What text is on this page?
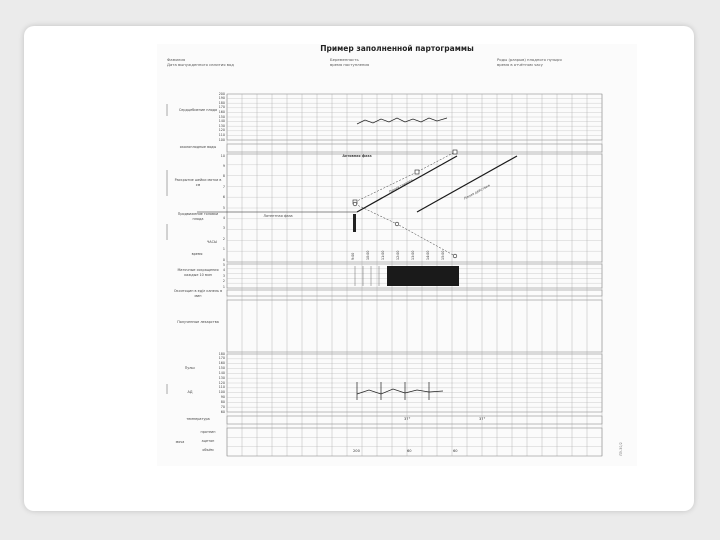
Пример заполненной партограммы
Фамилия
Дата вынужденного излития вод
Беременность
время поступления
Роды (разрыв) плодного пузыря
время в отчётном часу
Сердцебиение плода
околоплодные воды
Раскрытие шейки матки в см
Продвижение головки плода
время
ЧАСЫ
Активная фаза
Латентная фаза
Линия тревоги	Линия действия
Маточные сокращения каждые 10 мин
Окситоцин в ед/л капель в мин
Полученные лекарства
Пульс
АД
температура
моча
200
190
180
170
160
150
140
130
120
110
100
10
9
8
7
6
5
4
3
2
1
0
5
4
3
2
1
180
170
160
150
140
130
120
110
100
90
80
70
60
9:00	10:00	11:00	12:00	13:00	14:00	15:00
протеин
ацетон
объём
37°	37°
200	60	60	ЛЭ-30/2
